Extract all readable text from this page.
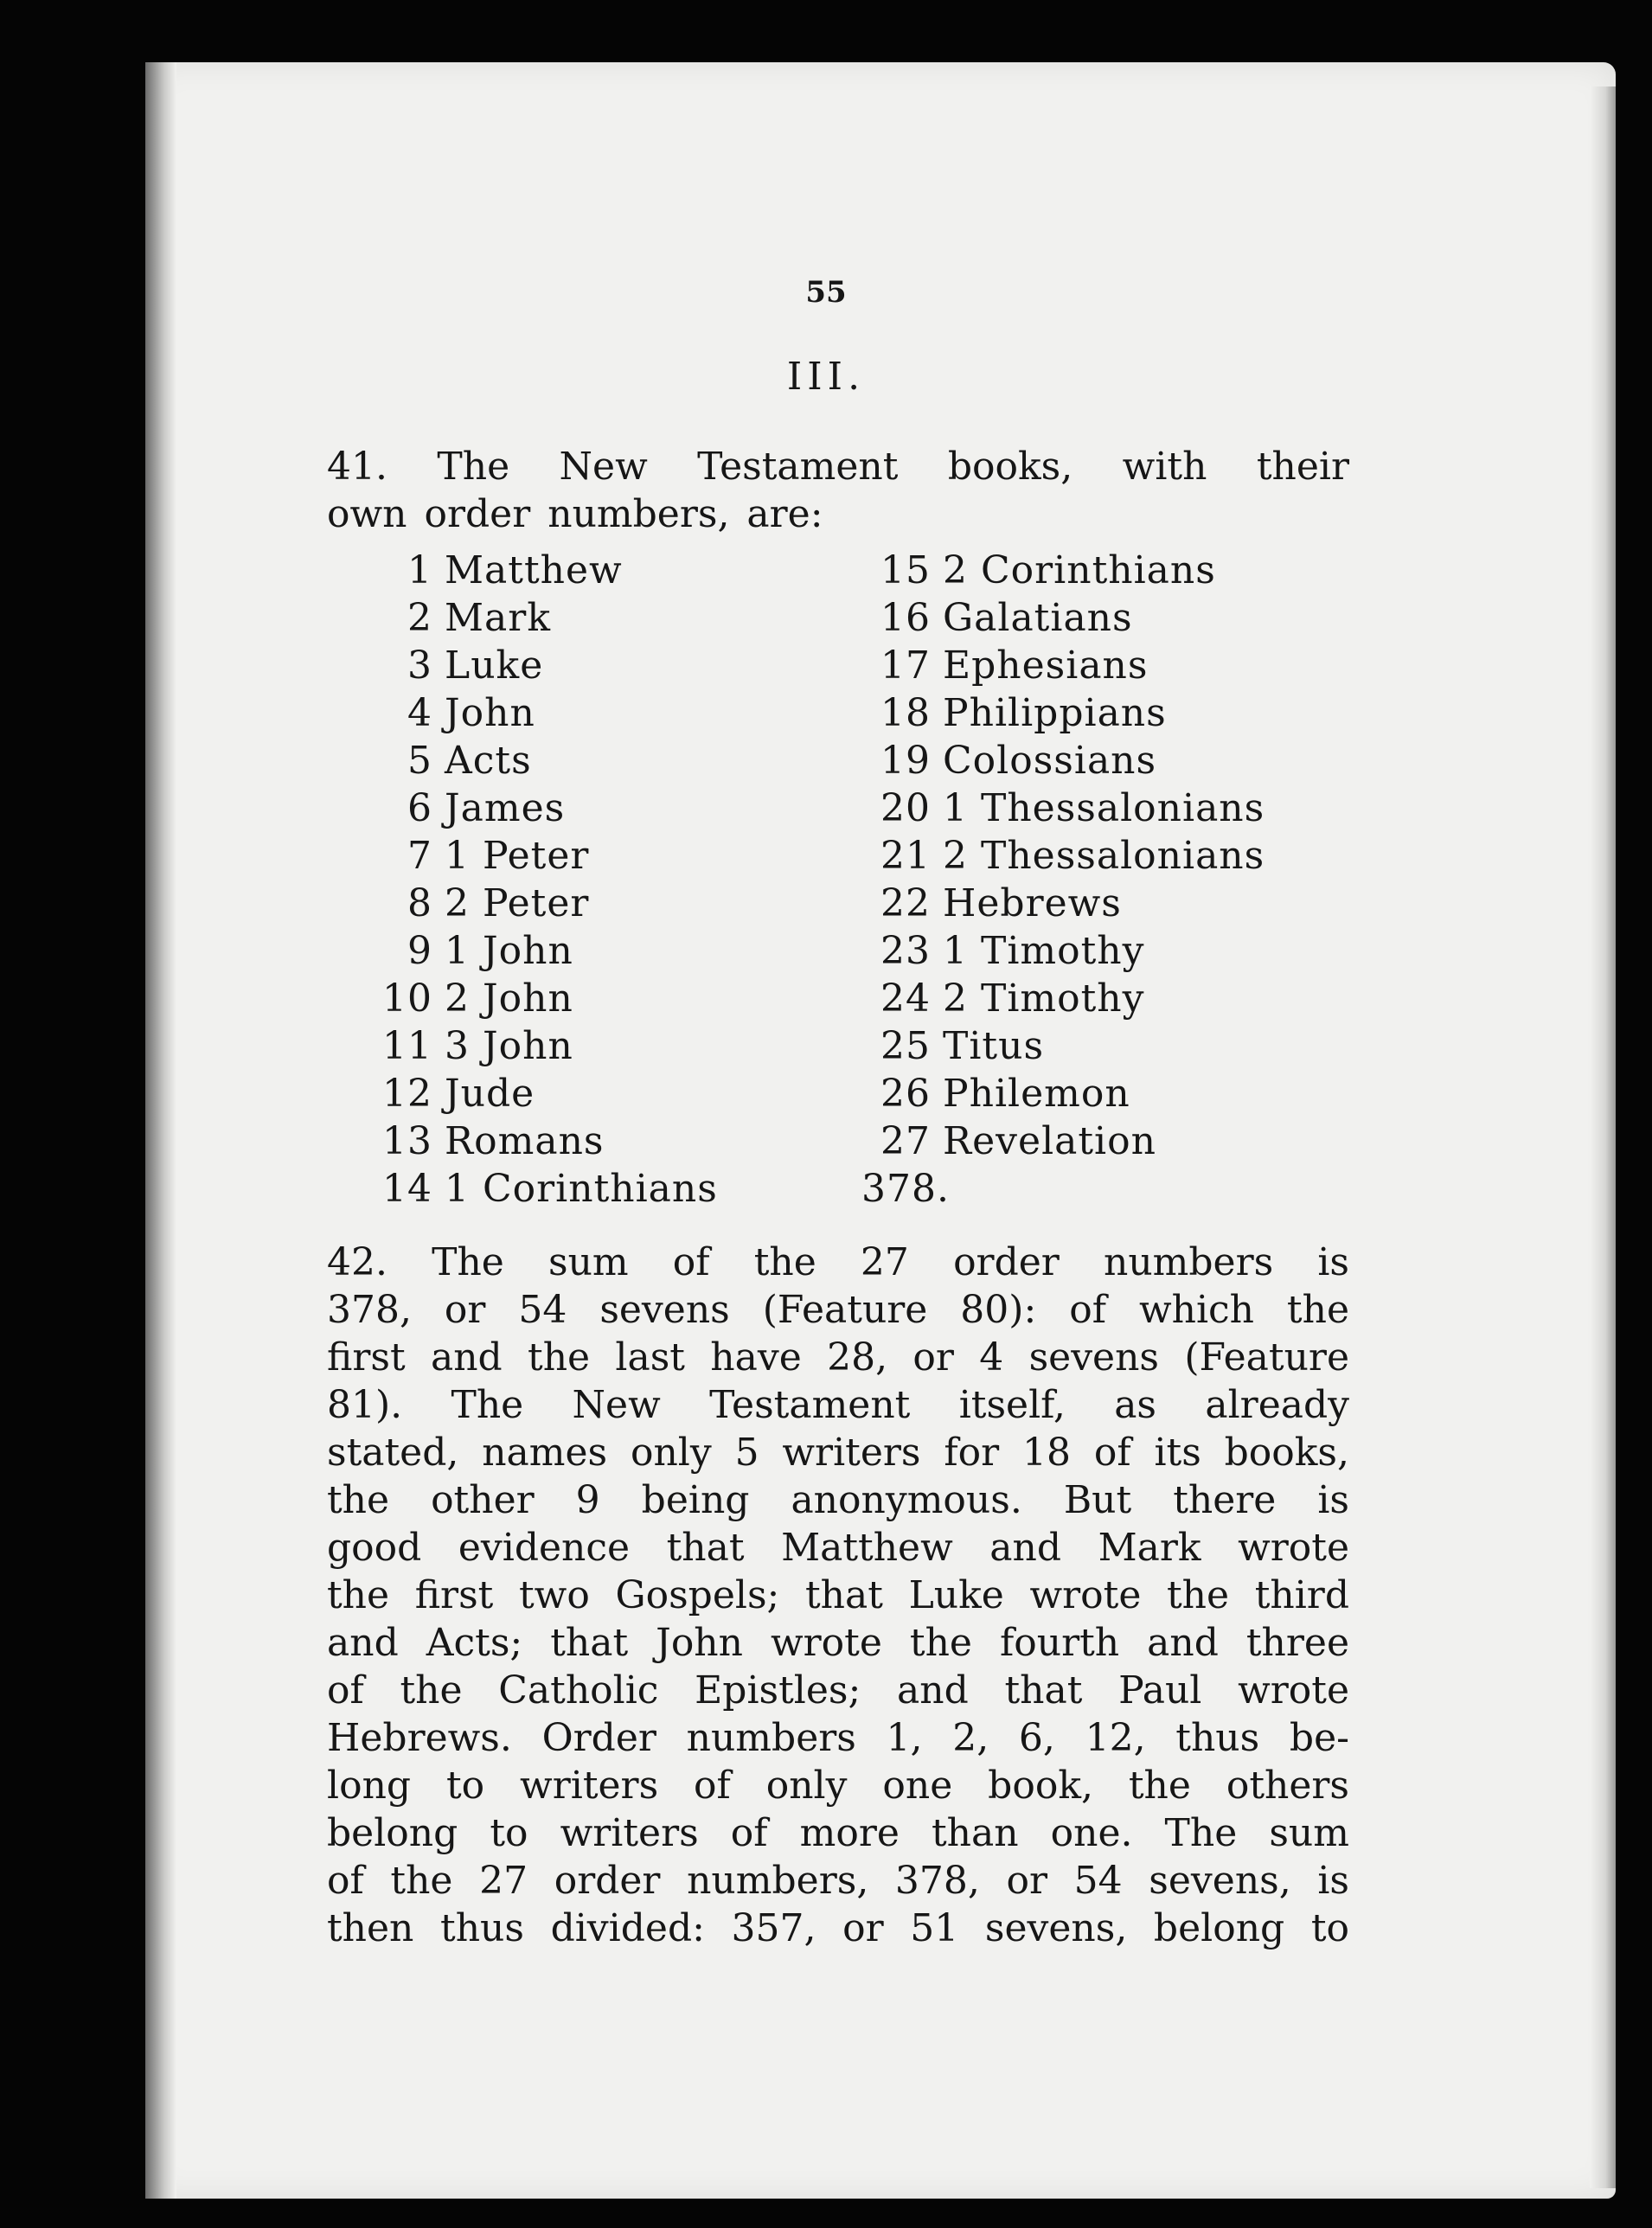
55
III.
41. The New Testament books, with their
own order numbers, are:
1 Matthew
2 Mark
3 Luke
4 John
5 Acts
6 James
7 1 Peter
8 2 Peter
9 1 John
10 2 John
11 3 John
12 Jude
13 Romans
14 1 Corinthians
15 2 Corinthians
16 Galatians
17 Ephesians
18 Philippians
19 Colossians
20 1 Thessalonians
21 2 Thessalonians
22 Hebrews
23 1 Timothy
24 2 Timothy
25 Titus
26 Philemon
27 Revelation
378.
42. The sum of the 27 order numbers is
378, or 54 sevens (Feature 80): of which the
first and the last have 28, or 4 sevens (Feature
81). The New Testament itself, as already
stated, names only 5 writers for 18 of its books,
the other 9 being anonymous. But there is
good evidence that Matthew and Mark wrote
the first two Gospels; that Luke wrote the third
and Acts; that John wrote the fourth and three
of the Catholic Epistles; and that Paul wrote
Hebrews. Order numbers 1, 2, 6, 12, thus be-
long to writers of only one book, the others
belong to writers of more than one. The sum
of the 27 order numbers, 378, or 54 sevens, is
then thus divided: 357, or 51 sevens, belong to
